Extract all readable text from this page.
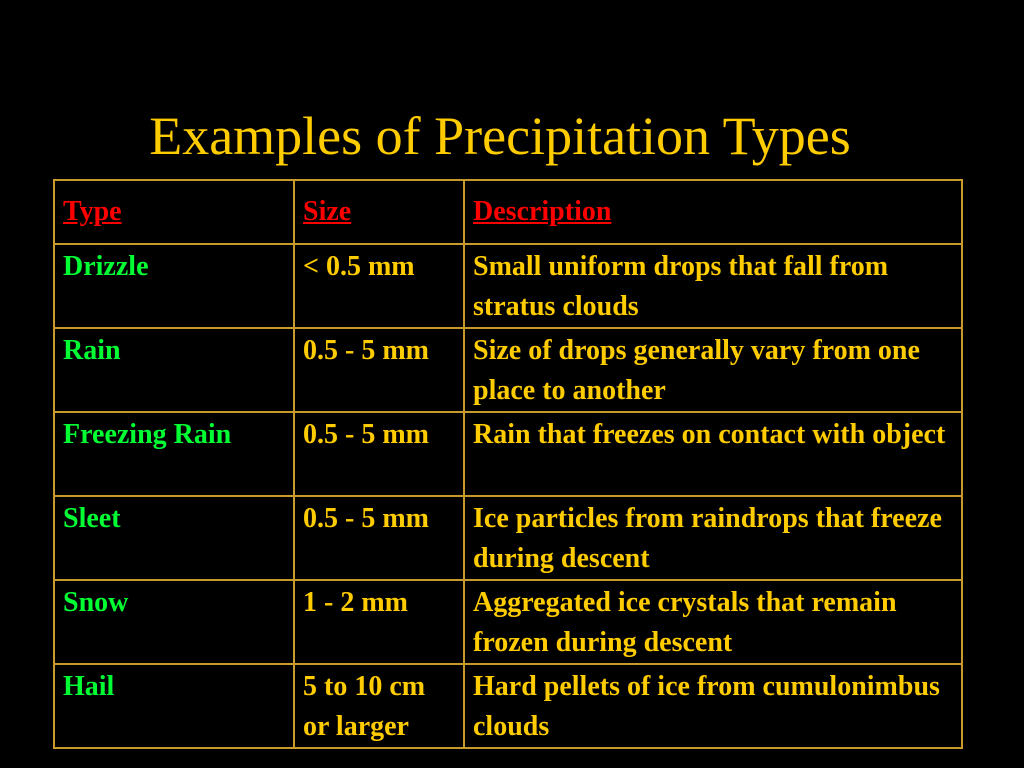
Examples of Precipitation Types
Type	Size	Description
Drizzle	< 0.5 mm	Small uniform drops that fall from stratus clouds
Rain	0.5 - 5 mm	Size of drops generally vary from one place to another
Freezing Rain	0.5 - 5 mm	Rain that freezes on contact with object
Sleet	0.5 - 5 mm	Ice particles from raindrops that freeze during descent
Snow	1 - 2 mm	Aggregated ice crystals that remain frozen during descent
Hail	5 to 10 cm or larger	Hard pellets of ice from cumulonimbus clouds
